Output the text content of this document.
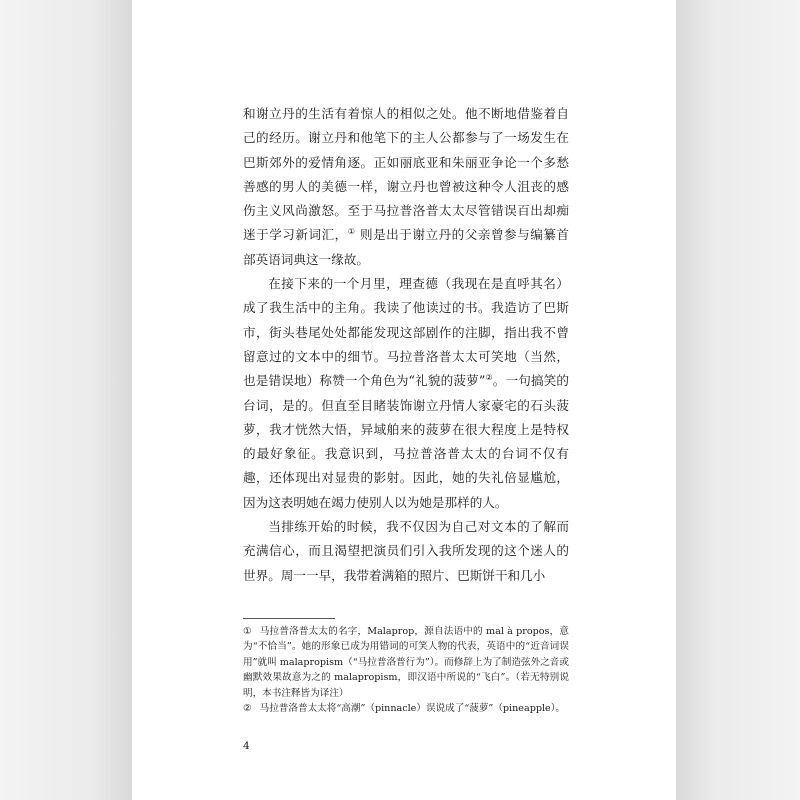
和谢立丹的生活有着惊人的相似之处。他不断地借鉴着自己的经历。谢立丹和他笔下的主人公都参与了一场发生在巴斯郊外的爱情角逐。正如丽底亚和朱丽亚争论一个多愁善感的男人的美德一样，谢立丹也曾被这种令人沮丧的感伤主义风尚激怒。至于马拉普洛普太太尽管错误百出却痴迷于学习新词汇，① 则是出于谢立丹的父亲曾参与编纂首部英语词典这一缘故。

在接下来的一个月里，理查德（我现在是直呼其名）成了我生活中的主角。我读了他读过的书。我造访了巴斯市，街头巷尾处处都能发现这部剧作的注脚，指出我不曾留意过的文本中的细节。马拉普洛普太太可笑地（当然，也是错误地）称赞一个角色为“礼貌的菠萝”②。一句搞笑的台词，是的。但直至目睹装饰谢立丹情人家豪宅的石头菠萝，我才恍然大悟，异域舶来的菠萝在很大程度上是特权的最好象征。我意识到，马拉普洛普太太的台词不仅有趣，还体现出对显贵的影射。因此，她的失礼倍显尴尬，因为这表明她在竭力使别人以为她是那样的人。

当排练开始的时候，我不仅因为自己对文本的了解而充满信心，而且渴望把演员们引入我所发现的这个迷人的世界。周一一早，我带着满箱的照片、巴斯饼干和几小

① 马拉普洛普太太的名字，Malaprop，源自法语中的 mal à propos，意为“不恰当”。她的形象已成为用错词的可笑人物的代表，英语中的“近音词误用”就叫 malapropism（“马拉普洛普行为”）。而修辞上为了制造弦外之音或幽默效果故意为之的 malapropism，即汉语中所说的“飞白”。（若无特别说明，本书注释皆为译注）

② 马拉普洛普太太将“高潮”（pinnacle）误说成了“菠萝”（pineapple）。

4
